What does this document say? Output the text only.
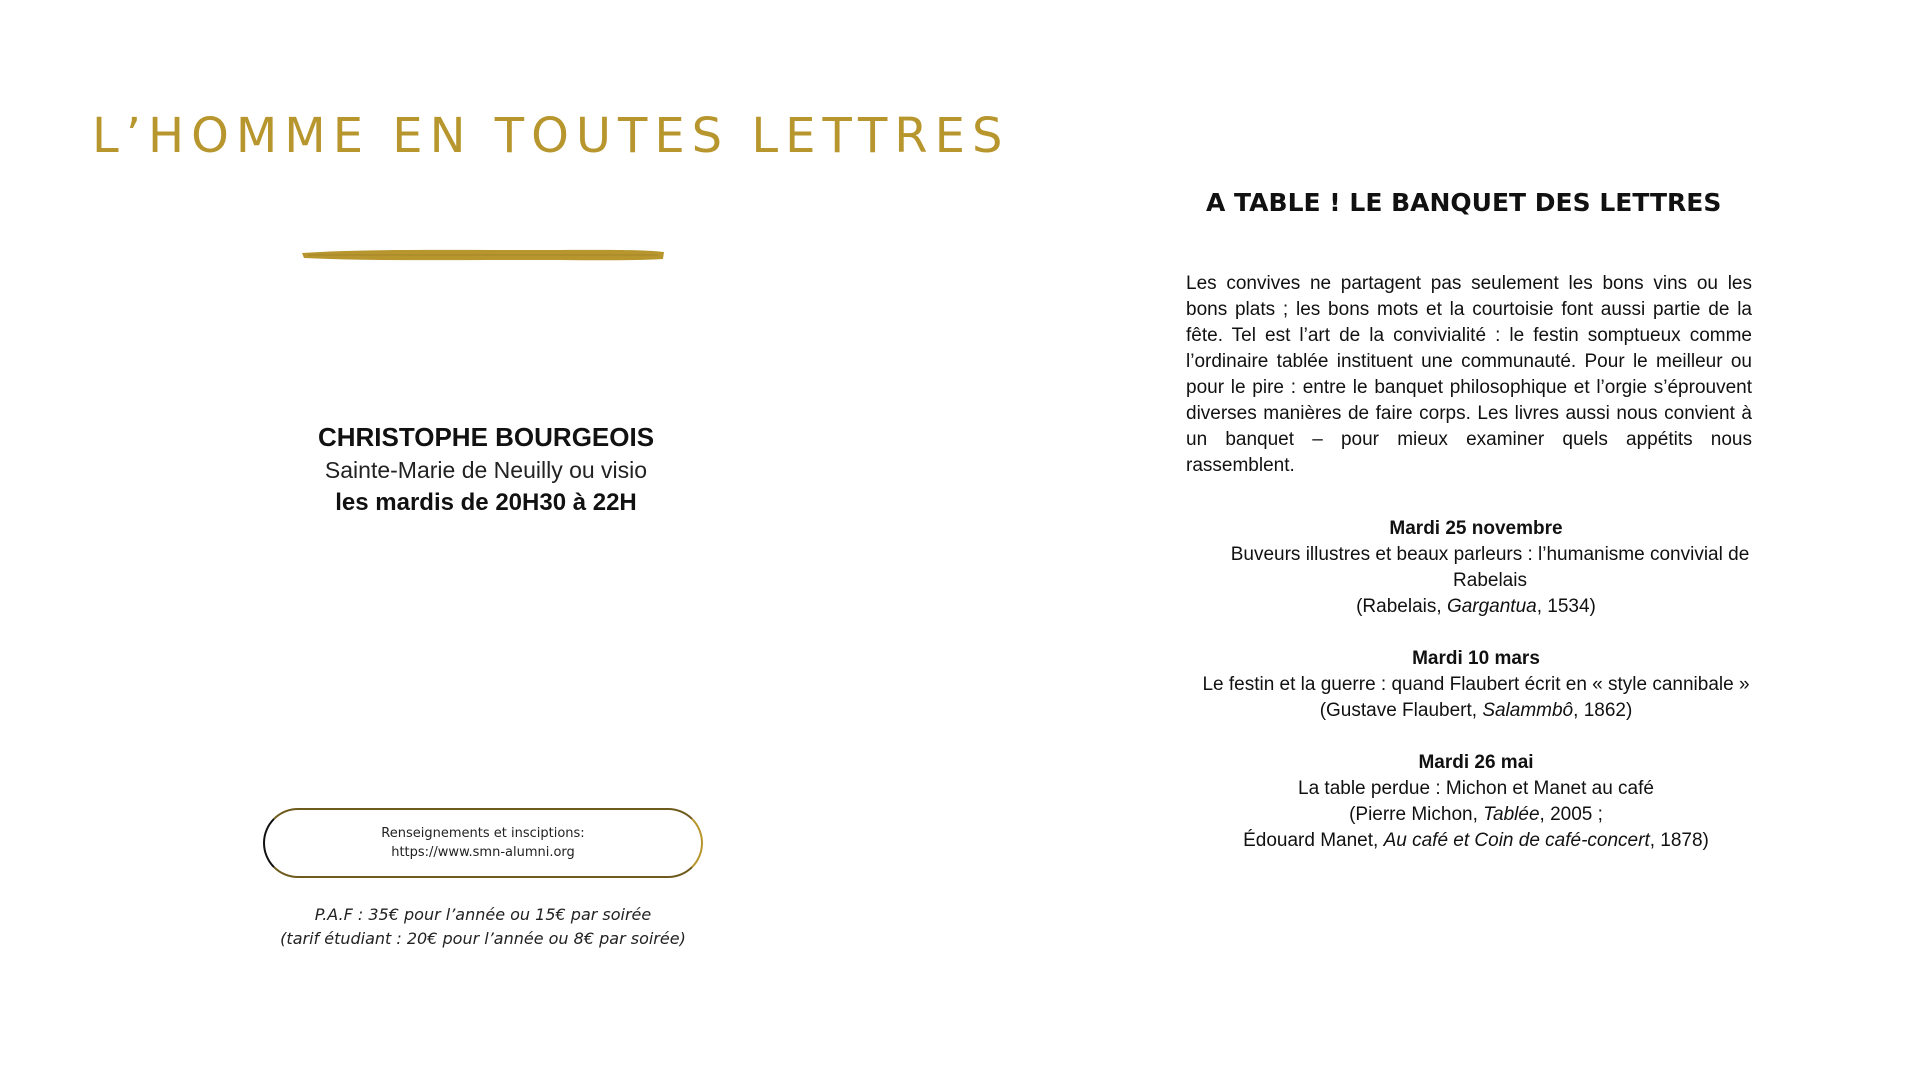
L’HOMME EN TOUTES LETTRES
CHRISTOPHE BOURGEOIS
Sainte-Marie de Neuilly ou visio
les mardis de 20H30 à 22H
Renseignements et insciptions:
https://www.smn-alumni.org
P.A.F : 35€ pour l’année ou 15€ par soirée
(tarif étudiant : 20€ pour l’année ou 8€ par soirée)
A TABLE ! LE BANQUET DES LETTRES
Les convives ne partagent pas seulement les bons vins ou les bons plats ; les bons mots et la courtoisie font aussi partie de la fête. Tel est l’art de la convivialité : le festin somptueux comme l’ordinaire tablée instituent une communauté. Pour le meilleur ou pour le pire : entre le banquet philosophique et l’orgie s’éprouvent diverses manières de faire corps. Les livres aussi nous convient à un banquet – pour mieux examiner quels appétits nous rassemblent.
Mardi 25 novembre
Buveurs illustres et beaux parleurs : l’humanisme convivial de Rabelais
(Rabelais, Gargantua, 1534)
Mardi 10 mars
Le festin et la guerre : quand Flaubert écrit en « style cannibale »
(Gustave Flaubert, Salammbô, 1862)
Mardi 26 mai
La table perdue : Michon et Manet au café
(Pierre Michon, Tablée, 2005 ;
Édouard Manet, Au café et Coin de café-concert, 1878)
